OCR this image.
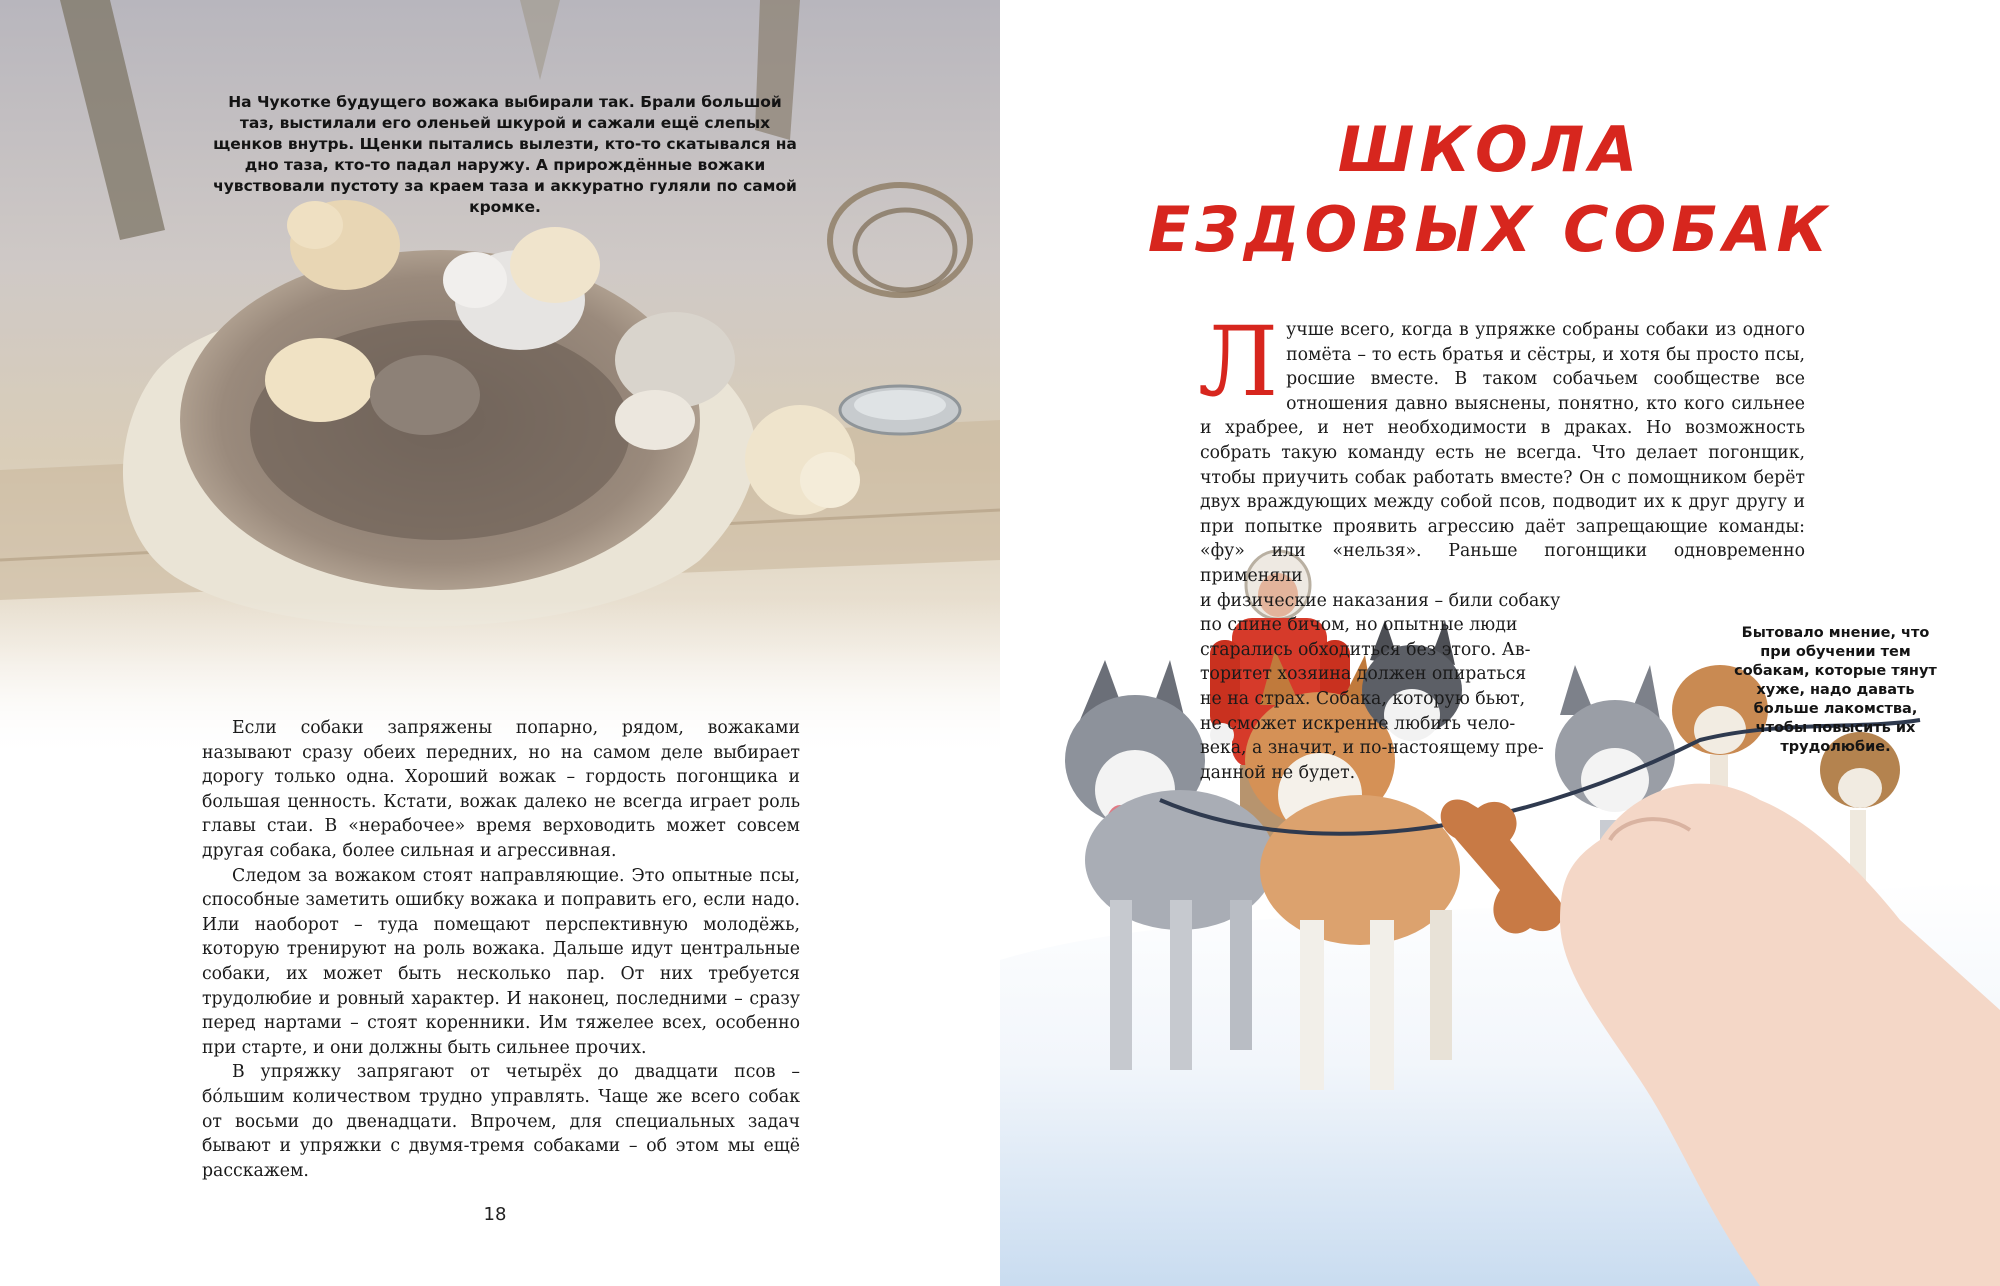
На Чукотке будущего вожака выбирали так. Брали большой таз, выстилали его оленьей шкурой и сажали ещё слепых щенков внутрь. Щенки пытались вылезти, кто-то скатывался на дно таза, кто-то падал наружу. А прирождённые вожаки чувствовали пустоту за краем таза и аккуратно гуляли по самой кромке.

Если собаки запряжены попарно, рядом, вожаками называют сразу обеих передних, но на самом деле выбирает дорогу только одна. Хороший вожак – гордость погонщика и большая ценность. Кстати, вожак далеко не всегда играет роль главы стаи. В «нерабочее» время верховодить может совсем другая собака, более сильная и агрессивная.

Следом за вожаком стоят направляющие. Это опытные псы, способные заметить ошибку вожака и поправить его, если надо. Или наоборот – туда помещают перспективную молодёжь, которую тренируют на роль вожака. Дальше идут центральные собаки, их может быть несколько пар. От них требуется трудолюбие и ровный характер. И наконец, последними – сразу перед нартами – стоят коренники. Им тяжелее всех, особенно при старте, и они должны быть сильнее прочих.

В упряжку запрягают от четырёх до двадцати псов – бóльшим количеством трудно управлять. Чаще же всего собак от восьми до двенадцати. Впрочем, для специальных задач бывают и упряжки с двумя-тремя собаками – об этом мы ещё расскажем.

18
ШКОЛА
ЕЗДОВЫХ СОБАК

Лучше всего, когда в упряжке собраны собаки из одного помёта – то есть братья и сёстры, и хотя бы просто псы, росшие вместе. В таком собачьем сообществе все отношения давно выяснены, понятно, кто кого сильнее и храбрее, и нет необходимости в драках. Но возможность собрать такую команду есть не всегда. Что делает погонщик, чтобы приучить собак работать вместе? Он с помощником берёт двух враждующих между собой псов, подводит их к друг другу и при попытке проявить агрессию даёт запрещающие команды: «фу» или «нельзя». Раньше погонщики одновременно применяли

и физические наказания – били собаку
по спине бичом, но опытные люди
старались обходиться без этого. Ав-
торитет хозяина должен опираться
не на страх. Собака, которую бьют,
не сможет искренне любить чело-
века, а значит, и по-настоящему пре-
данной не будет.

Бытовало мнение, что при обучении тем собакам, которые тянут хуже, надо давать больше лакомства, чтобы повысить их трудолюбие.
